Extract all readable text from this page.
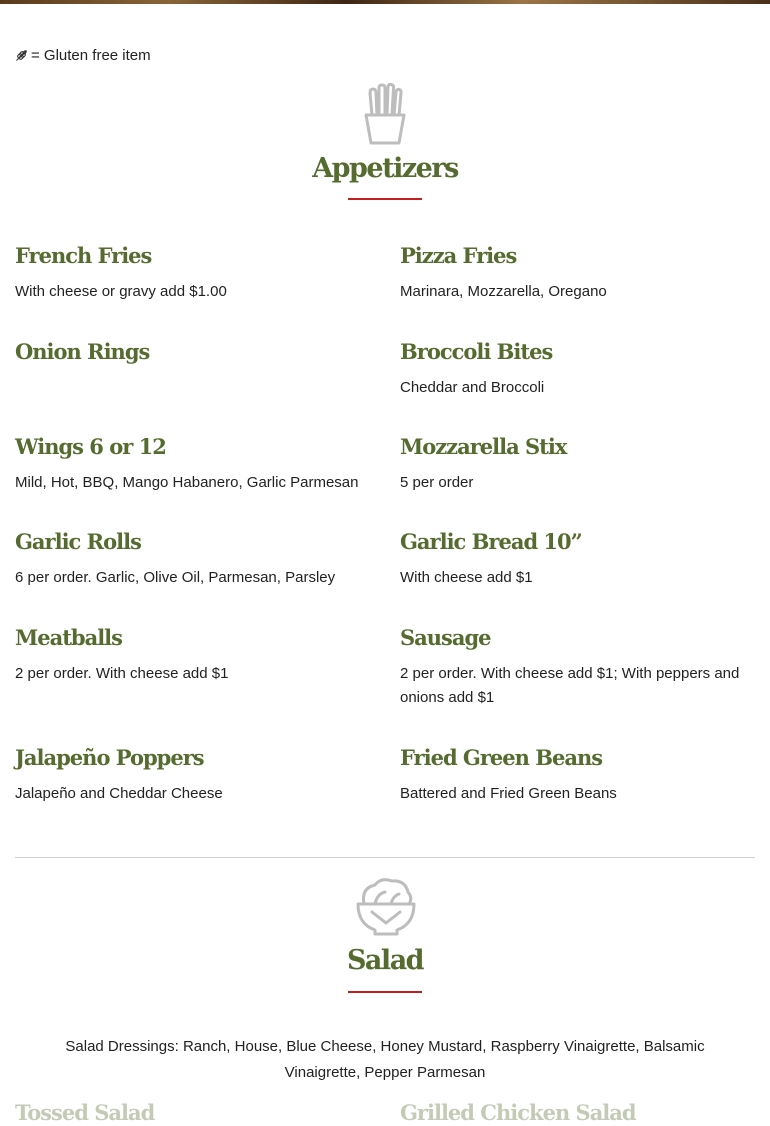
= Gluten free item
Appetizers
French Fries

With cheese or gravy add $1.00

Pizza Fries

Marinara, Mozzarella, Oregano

Onion Rings	Broccoli Bites

Cheddar and Broccoli

Wings 6 or 12

Mild, Hot, BBQ, Mango Habanero, Garlic Parmesan

Mozzarella Stix

5 per order

Garlic Rolls

6 per order. Garlic, Olive Oil, Parmesan, Parsley

Garlic Bread 10”

With cheese add $1

Meatballs

2 per order. With cheese add $1

Sausage

2 per order. With cheese add $1; With peppers and onions add $1

Jalapeño Poppers

Jalapeño and Cheddar Cheese

Fried Green Beans

Battered and Fried Green Beans

Salad

Salad Dressings: Ranch, House, Blue Cheese, Honey Mustard, Raspberry Vinaigrette, Balsamic Vinaigrette, Pepper Parmesan

Tossed Salad	Grilled Chicken Salad
